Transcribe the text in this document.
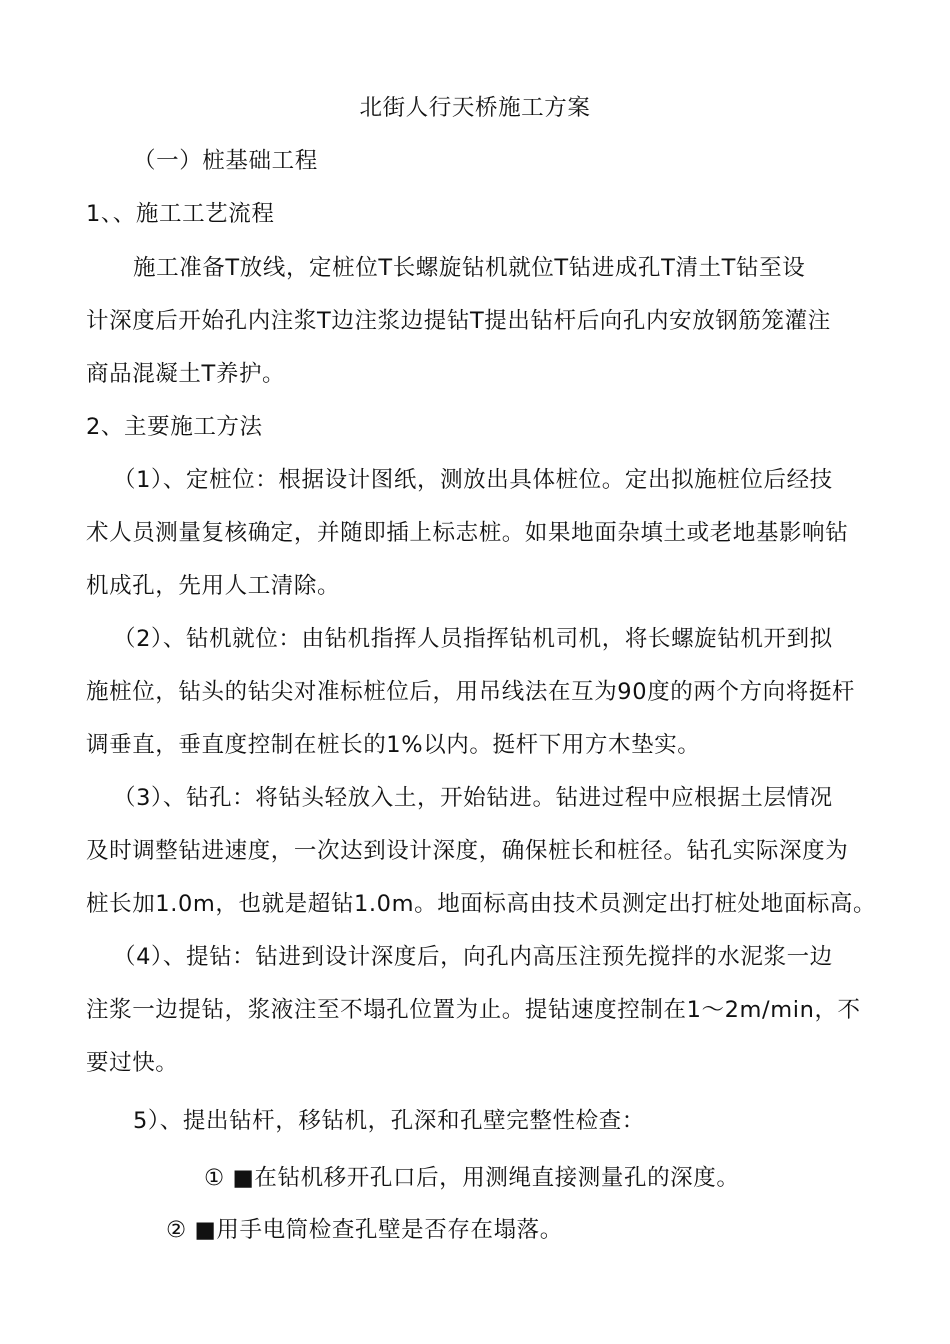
北街人行天桥施工方案
（一）桩基础工程
1、、施工工艺流程
施工准备T放线，定桩位T长螺旋钻机就位T钻进成孔T清土T钻至设
计深度后开始孔内注浆T边注浆边提钻T提出钻杆后向孔内安放钢筋笼灌注
商品混凝土T养护。
2、主要施工方法
（1）、定桩位：根据设计图纸，测放出具体桩位。定出拟施桩位后经技
术人员测量复核确定，并随即插上标志桩。如果地面杂填土或老地基影响钻
机成孔，先用人工清除。
（2）、钻机就位：由钻机指挥人员指挥钻机司机，将长螺旋钻机开到拟
施桩位，钻头的钻尖对准标桩位后，用吊线法在互为90度的两个方向将挺杆
调垂直，垂直度控制在桩长的1%以内。挺杆下用方木垫实。
（3）、钻孔：将钻头轻放入土，开始钻进。钻进过程中应根据土层情况
及时调整钻进速度，一次达到设计深度，确保桩长和桩径。钻孔实际深度为
桩长加1.0m，也就是超钻1.0m。地面标高由技术员测定出打桩处地面标高。
（4）、提钻：钻进到设计深度后，向孔内高压注预先搅拌的水泥浆一边
注浆一边提钻，浆液注至不塌孔位置为止。提钻速度控制在1〜2m/min，不
要过快。
5）、提出钻杆，移钻机，孔深和孔壁完整性检查：
① ■在钻机移开孔口后，用测绳直接测量孔的深度。
② ■用手电筒检查孔壁是否存在塌落。
